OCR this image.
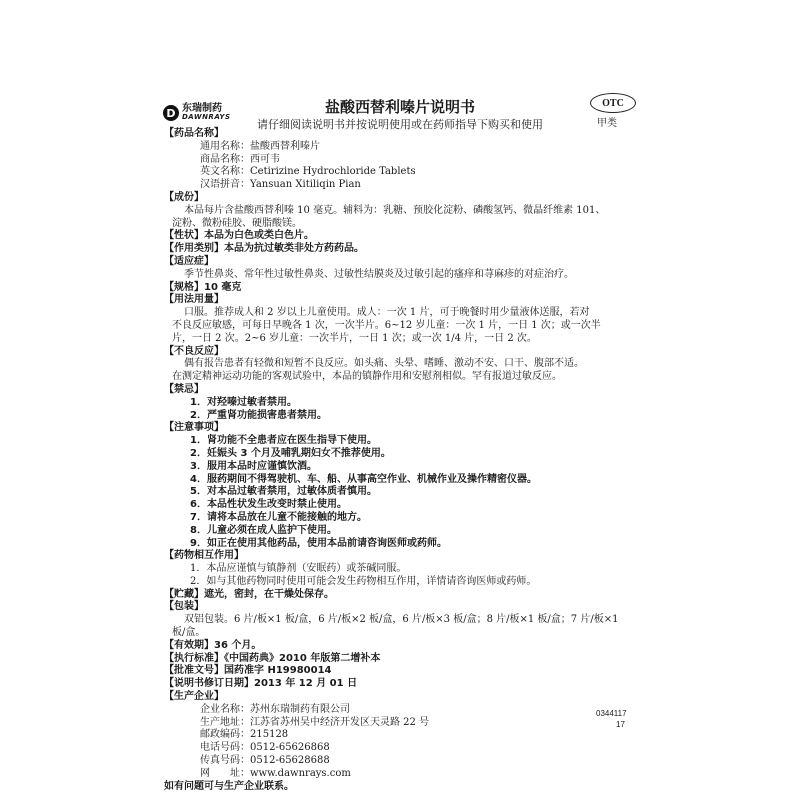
D 东瑞制药
DAWNRAYS
OTC
甲类
盐酸西替利嗪片说明书
请仔细阅读说明书并按说明使用或在药师指导下购买和使用
【药品名称】
通用名称：盐酸西替利嗪片
商品名称：西可韦
英文名称：Cetirizine Hydrochloride Tablets
汉语拼音：Yansuan Xitiliqin Pian
【成份】
本品每片含盐酸西替利嗪 10 毫克。辅料为：乳糖、预胶化淀粉、磷酸氢钙、微晶纤维素 101、
淀粉、微粉硅胶、硬脂酸镁。
【性状】本品为白色或类白色片。
【作用类别】本品为抗过敏类非处方药药品。
【适应症】
季节性鼻炎、常年性过敏性鼻炎、过敏性结膜炎及过敏引起的瘙痒和荨麻疹的对症治疗。
【规格】10 毫克
【用法用量】
口服。推荐成人和 2 岁以上儿童使用。成人：一次 1 片，可于晚餐时用少量液体送服，若对
不良反应敏感，可每日早晚各 1 次，一次半片。6~12 岁儿童：一次 1 片，一日 1 次；或一次半
片，一日 2 次。2~6 岁儿童：一次半片，一日 1 次；或一次 1/4 片，一日 2 次。
【不良反应】
偶有报告患者有轻微和短暂不良反应。如头痛、头晕、嗜睡、激动不安、口干、腹部不适。
在测定精神运动功能的客观试验中，本品的镇静作用和安慰剂相似。罕有报道过敏反应。
【禁忌】
1．对羟嗪过敏者禁用。
2．严重肾功能损害患者禁用。
【注意事项】
1．肾功能不全患者应在医生指导下使用。
2．妊娠头 3 个月及哺乳期妇女不推荐使用。
3．服用本品时应谨慎饮酒。
4．服药期间不得驾驶机、车、船、从事高空作业、机械作业及操作精密仪器。
5．对本品过敏者禁用，过敏体质者慎用。
6．本品性状发生改变时禁止使用。
7．请将本品放在儿童不能接触的地方。
8．儿童必须在成人监护下使用。
9．如正在使用其他药品，使用本品前请咨询医师或药师。
【药物相互作用】
1．本品应谨慎与镇静剂（安眠药）或茶碱同服。
2．如与其他药物同时使用可能会发生药物相互作用，详情请咨询医师或药师。
【贮藏】遮光，密封，在干燥处保存。
【包装】
双铝包装。6 片/板×1 板/盒，6 片/板×2 板/盒，6 片/板×3 板/盒；8 片/板×1 板/盒；7 片/板×1
板/盒。
【有效期】36 个月。
【执行标准】《中国药典》2010 年版第二增补本
【批准文号】国药准字 H19980014
【说明书修订日期】2013 年 12 月 01 日
【生产企业】
企业名称：苏州东瑞制药有限公司
生产地址：江苏省苏州吴中经济开发区天灵路 22 号
邮政编码：215128
电话号码：0512-65626868
传真号码：0512-65628688
网　　址：www.dawnrays.com
如有问题可与生产企业联系。
0344117
17
